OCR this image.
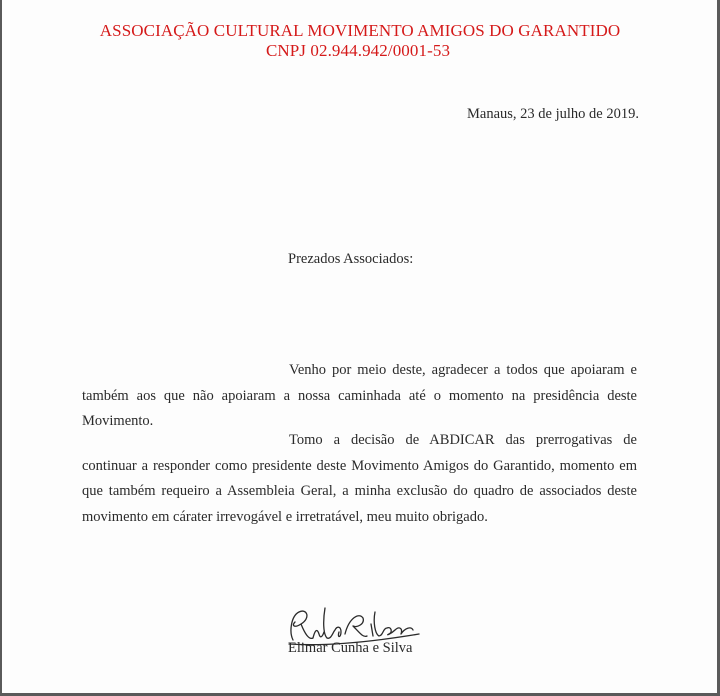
ASSOCIAÇÃO CULTURAL MOVIMENTO AMIGOS DO GARANTIDO
CNPJ 02.944.942/0001-53
Manaus, 23 de julho de 2019.
Prezados Associados:

Venho por meio deste, agradecer a todos que apoiaram e também aos que não apoiaram a nossa caminhada até o momento na presidência deste Movimento.

Tomo a decisão de ABDICAR das prerrogativas de continuar a responder como presidente deste Movimento Amigos do Garantido, momento em que também requeiro a Assembleia Geral, a minha exclusão do quadro de associados deste movimento em cárater irrevogável e irretratável, meu muito obrigado.

Elimar Cunha e Silva
